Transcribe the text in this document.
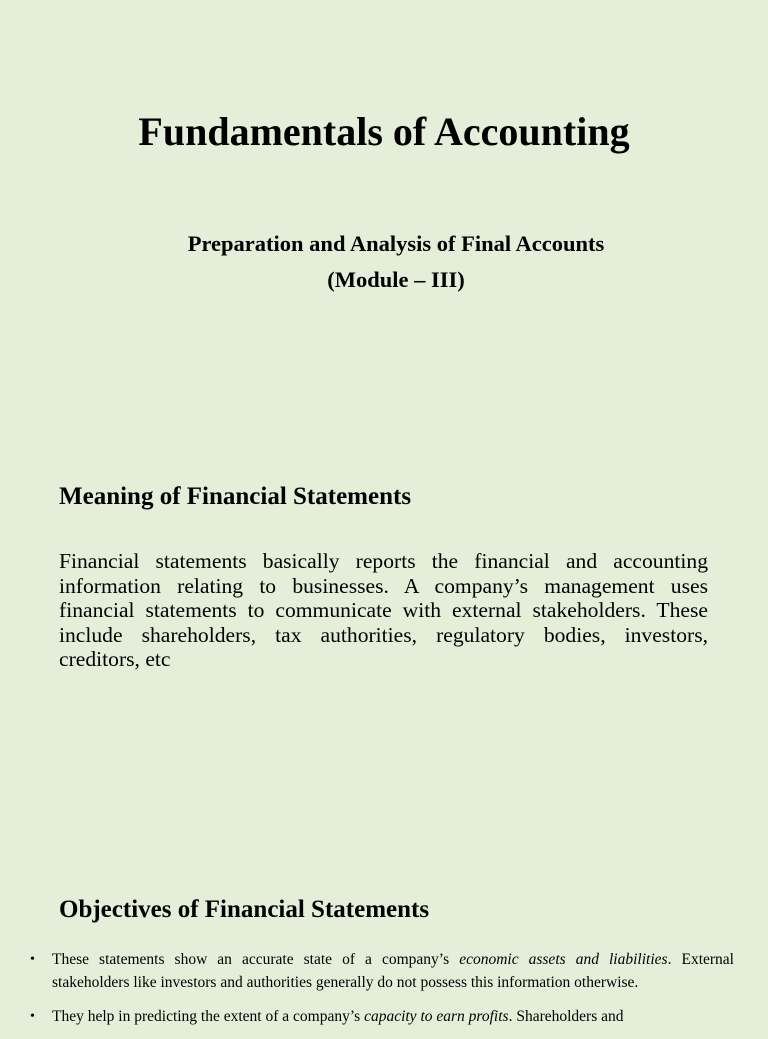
Fundamentals of Accounting
Preparation and Analysis of Final Accounts
(Module – III)
Meaning of Financial Statements

Financial statements basically reports the financial and accounting information relating to businesses. A company’s management uses financial statements to communicate with external stakeholders. These include shareholders, tax authorities, regulatory bodies, investors, creditors, etc

Objectives of Financial Statements
• These statements show an accurate state of a company’s economic assets and liabilities. External stakeholders like investors and authorities generally do not possess this information otherwise.
• They help in predicting the extent of a company’s capacity to earn profits. Shareholders and
